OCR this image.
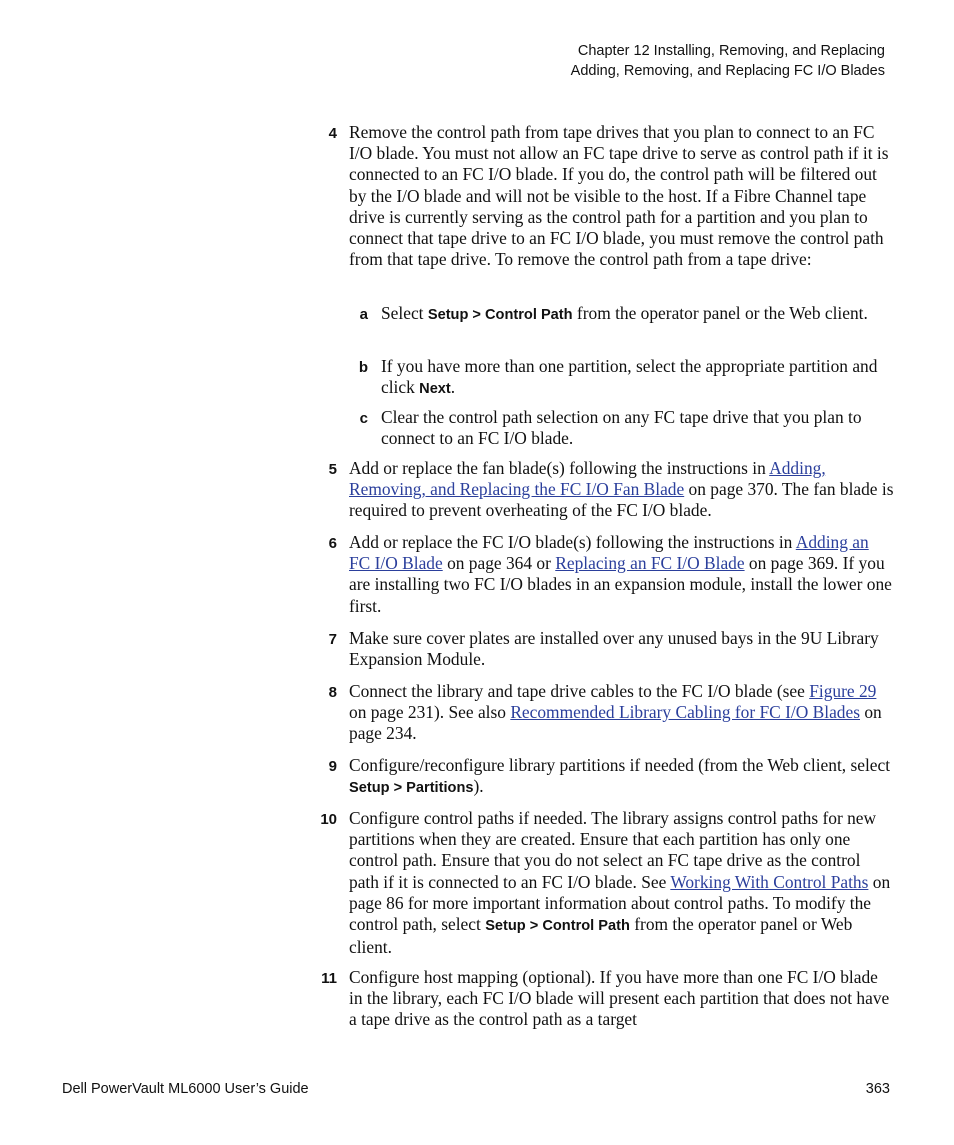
Chapter 12 Installing, Removing, and Replacing
Adding, Removing, and Replacing FC I/O Blades
4 Remove the control path from tape drives that you plan to connect to an FC I/O blade. You must not allow an FC tape drive to serve as control path if it is connected to an FC I/O blade. If you do, the control path will be filtered out by the I/O blade and will not be visible to the host. If a Fibre Channel tape drive is currently serving as the control path for a partition and you plan to connect that tape drive to an FC I/O blade, you must remove the control path from that tape drive. To remove the control path from a tape drive:
a Select Setup > Control Path from the operator panel or the Web client.
b If you have more than one partition, select the appropriate partition and click Next.
c Clear the control path selection on any FC tape drive that you plan to connect to an FC I/O blade.
5 Add or replace the fan blade(s) following the instructions in Adding, Removing, and Replacing the FC I/O Fan Blade on page 370. The fan blade is required to prevent overheating of the FC I/O blade.
6 Add or replace the FC I/O blade(s) following the instructions in Adding an FC I/O Blade on page 364 or Replacing an FC I/O Blade on page 369. If you are installing two FC I/O blades in an expansion module, install the lower one first.
7 Make sure cover plates are installed over any unused bays in the 9U Library Expansion Module.
8 Connect the library and tape drive cables to the FC I/O blade (see Figure 29 on page 231). See also Recommended Library Cabling for FC I/O Blades on page 234.
9 Configure/reconfigure library partitions if needed (from the Web client, select Setup > Partitions).
10 Configure control paths if needed. The library assigns control paths for new partitions when they are created. Ensure that each partition has only one control path. Ensure that you do not select an FC tape drive as the control path if it is connected to an FC I/O blade. See Working With Control Paths on page 86 for more important information about control paths. To modify the control path, select Setup > Control Path from the operator panel or Web client.
11 Configure host mapping (optional). If you have more than one FC I/O blade in the library, each FC I/O blade will present each partition that does not have a tape drive as the control path as a target
Dell PowerVault ML6000 User’s Guide	363
